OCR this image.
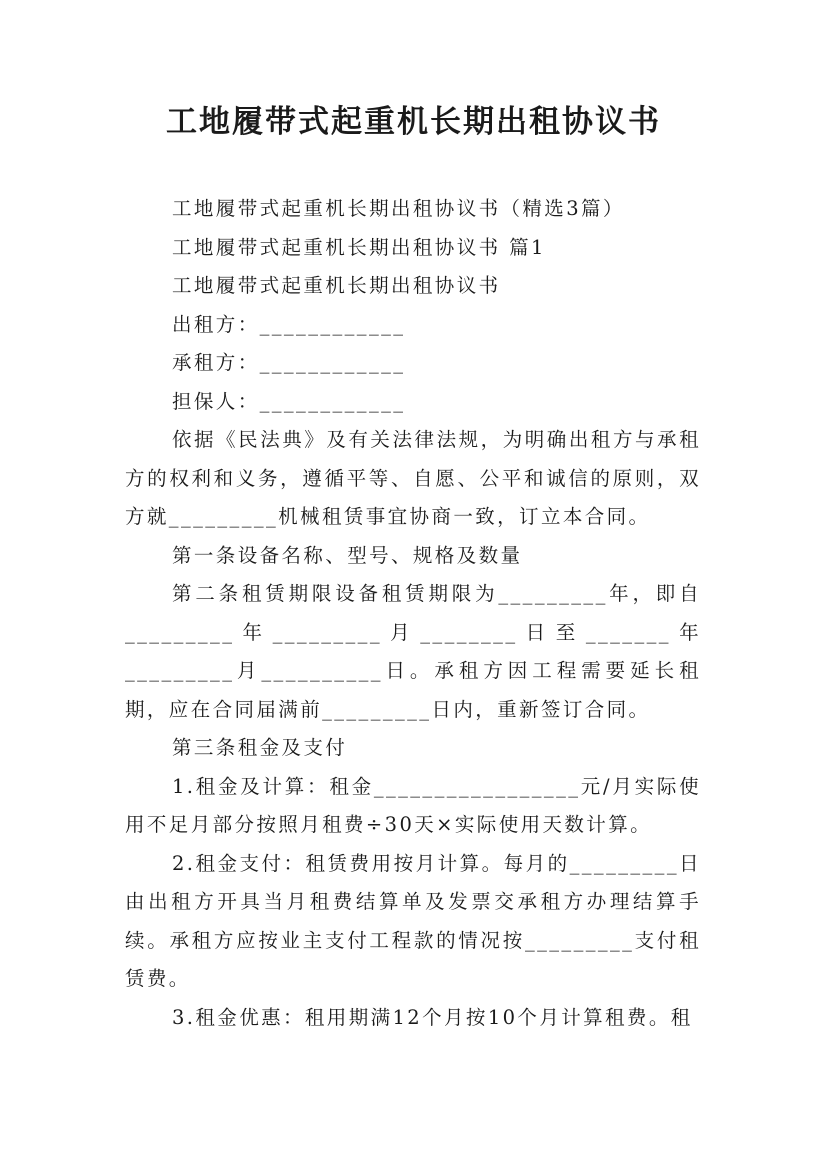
工地履带式起重机长期出租协议书

工地履带式起重机长期出租协议书（精选3篇）

工地履带式起重机长期出租协议书 篇1

工地履带式起重机长期出租协议书

出租方：____________

承租方：____________

担保人：____________

依据《民法典》及有关法律法规，为明确出租方与承租方的权利和义务，遵循平等、自愿、公平和诚信的原则，双方就_________机械租赁事宜协商一致，订立本合同。

第一条设备名称、型号、规格及数量

第二条租赁期限设备租赁期限为_________年，即自_________年_________月________日至_______年_________月__________日。承租方因工程需要延长租期，应在合同届满前_________日内，重新签订合同。

第三条租金及支付

1.租金及计算：租金_________________元/月实际使用不足月部分按照月租费÷30天×实际使用天数计算。

2.租金支付：租赁费用按月计算。每月的_________日由出租方开具当月租费结算单及发票交承租方办理结算手续。承租方应按业主支付工程款的情况按_________支付租赁费。

3.租金优惠：租用期满12个月按10个月计算租费。租
